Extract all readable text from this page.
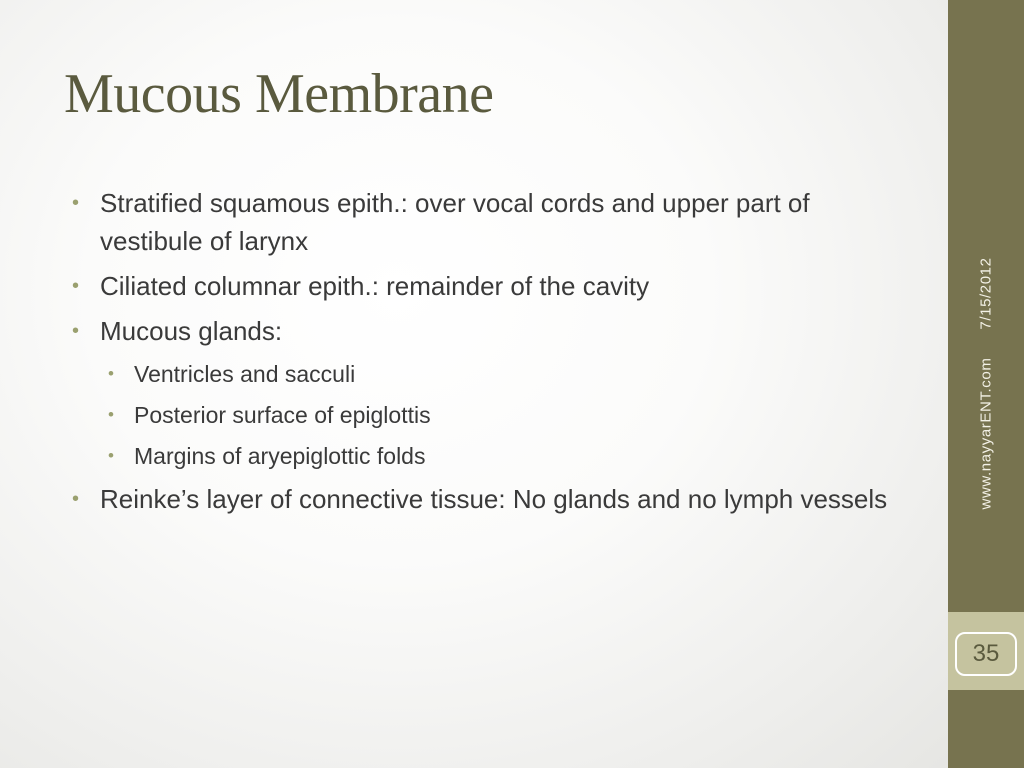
Mucous Membrane
• Stratified squamous epith.: over vocal cords and upper part of vestibule of larynx
• Ciliated columnar epith.: remainder of the cavity
• Mucous glands:
• Ventricles and sacculi
• Posterior surface of epiglottis
• Margins of aryepiglottic folds
• Reinke’s layer of connective tissue: No glands and no lymph vessels
7/15/2012
www.nayyarENT.com
35
